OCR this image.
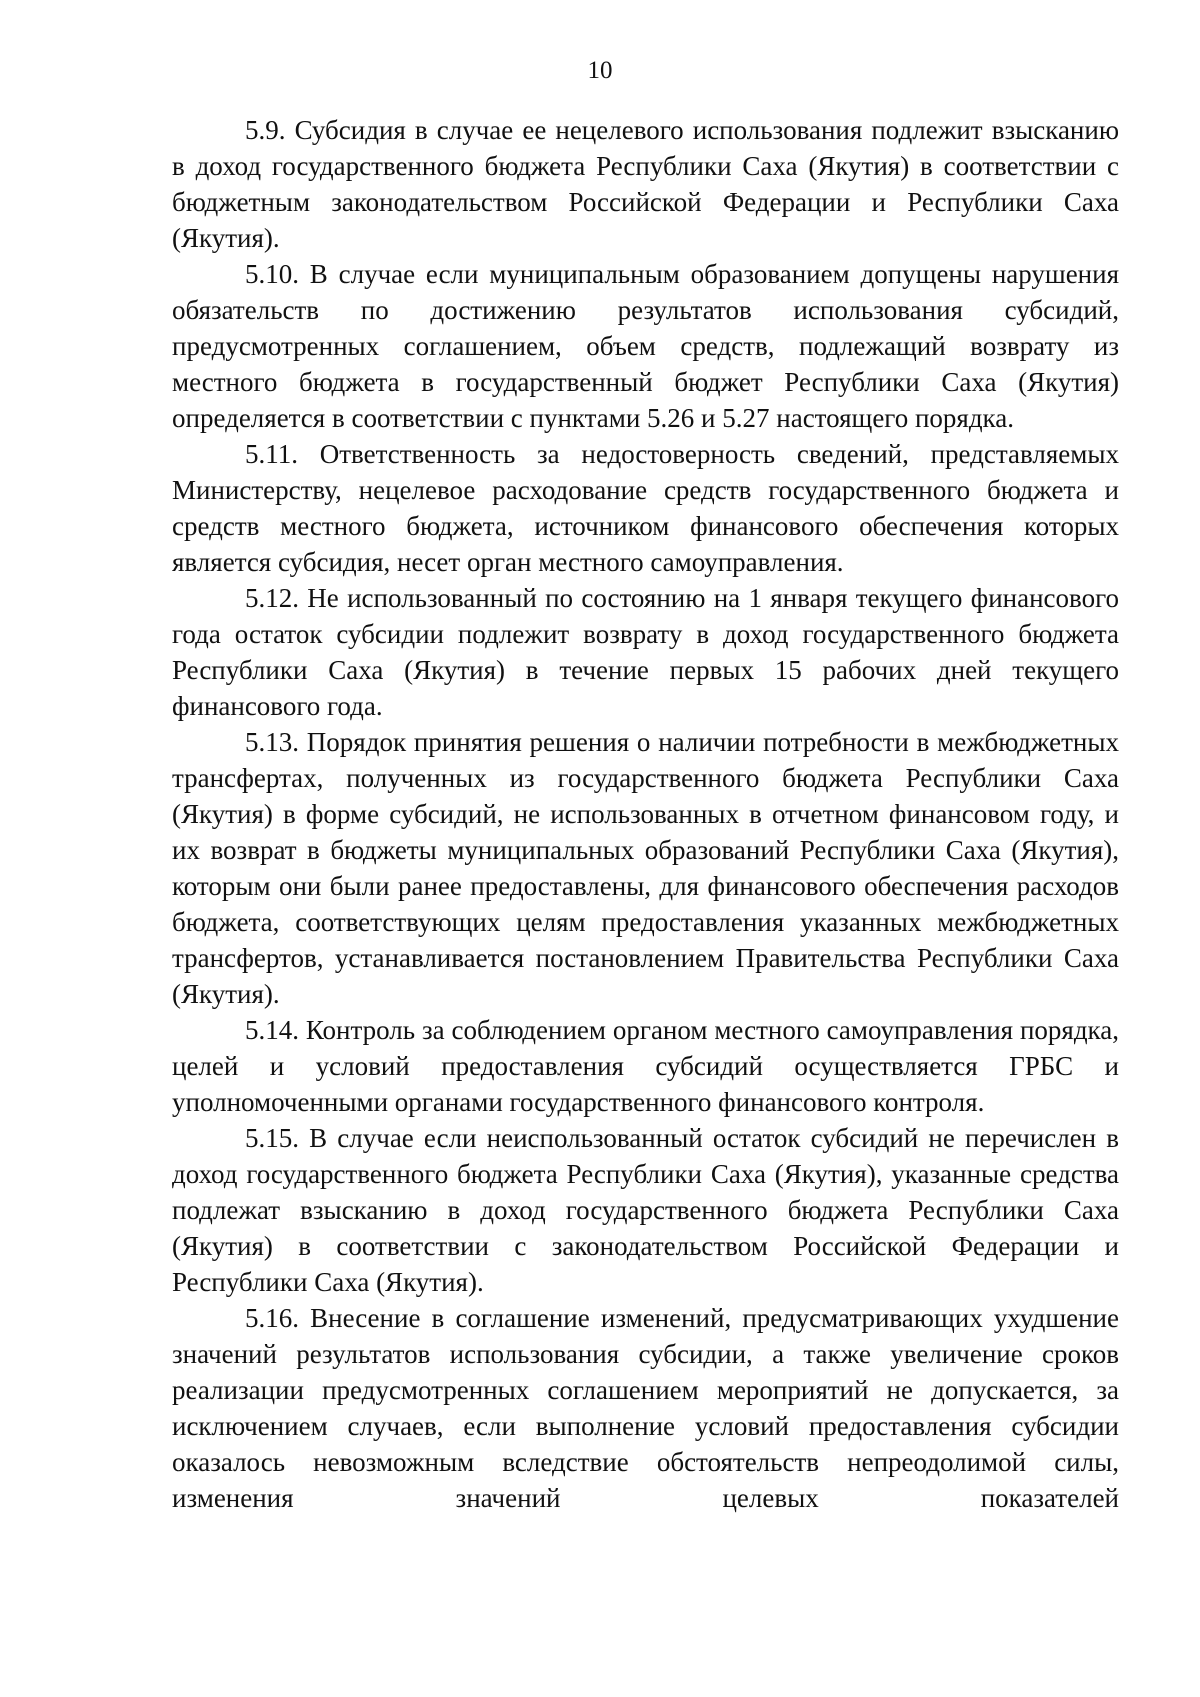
10

5.9. Субсидия в случае ее нецелевого использования подлежит взысканию в доход государственного бюджета Республики Саха (Якутия) в соответствии с бюджетным законодательством Российской Федерации и Республики Саха (Якутия).

5.10. В случае если муниципальным образованием допущены нарушения обязательств по достижению результатов использования субсидий, предусмотренных соглашением, объем средств, подлежащий возврату из местного бюджета в государственный бюджет Республики Саха (Якутия) определяется в соответствии с пунктами 5.26 и 5.27 настоящего порядка.

5.11. Ответственность за недостоверность сведений, представляемых Министерству, нецелевое расходование средств государственного бюджета и средств местного бюджета, источником финансового обеспечения которых является субсидия, несет орган местного самоуправления.

5.12. Не использованный по состоянию на 1 января текущего финансового года остаток субсидии подлежит возврату в доход государственного бюджета Республики Саха (Якутия) в течение первых 15 рабочих дней текущего финансового года.

5.13. Порядок принятия решения о наличии потребности в межбюджетных трансфертах, полученных из государственного бюджета Республики Саха (Якутия) в форме субсидий, не использованных в отчетном финансовом году, и их возврат в бюджеты муниципальных образований Республики Саха (Якутия), которым они были ранее предоставлены, для финансового обеспечения расходов бюджета, соответствующих целям предоставления указанных межбюджетных трансфертов, устанавливается постановлением Правительства Республики Саха (Якутия).

5.14. Контроль за соблюдением органом местного самоуправления порядка, целей и условий предоставления субсидий осуществляется ГРБС и уполномоченными органами государственного финансового контроля.

5.15. В случае если неиспользованный остаток субсидий не перечислен в доход государственного бюджета Республики Саха (Якутия), указанные средства подлежат взысканию в доход государственного бюджета Республики Саха (Якутия) в соответствии с законодательством Российской Федерации и Республики Саха (Якутия).

5.16. Внесение в соглашение изменений, предусматривающих ухудшение значений результатов использования субсидии, а также увеличение сроков реализации предусмотренных соглашением мероприятий не допускается, за исключением случаев, если выполнение условий предоставления субсидии оказалось невозможным вследствие обстоятельств непреодолимой силы, изменения значений целевых показателей
